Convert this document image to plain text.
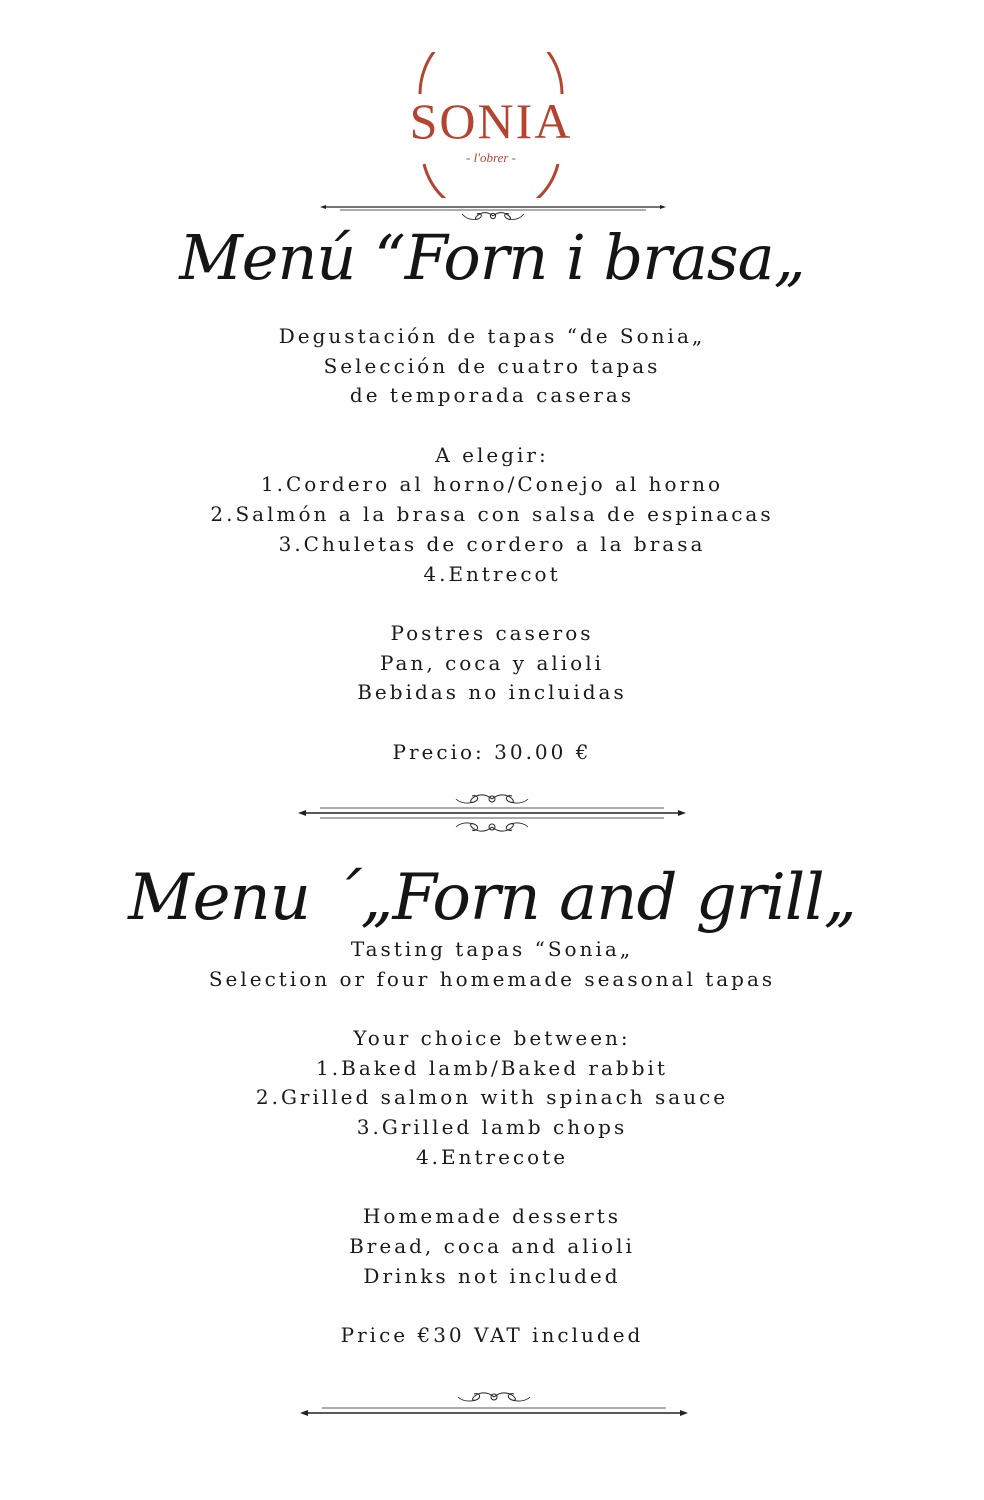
SONIA
- l'obrer -
Menú “Forn i brasa„
Degustación de tapas “de Sonia„
Selección de cuatro tapas
de temporada caseras
A elegir:
1.Cordero al horno/Conejo al horno
2.Salmón a la brasa con salsa de espinacas
3.Chuletas de cordero a la brasa
4.Entrecot
Postres caseros
Pan, coca y alioli
Bebidas no incluidas
Precio: 30.00 €
Menu ´„Forn and grill„
Tasting tapas “Sonia„
Selection or four homemade seasonal tapas
Your choice between:
1.Baked lamb/Baked rabbit
2.Grilled salmon with spinach sauce
3.Grilled lamb chops
4.Entrecote
Homemade desserts
Bread, coca and alioli
Drinks not included
Price €30 VAT included
